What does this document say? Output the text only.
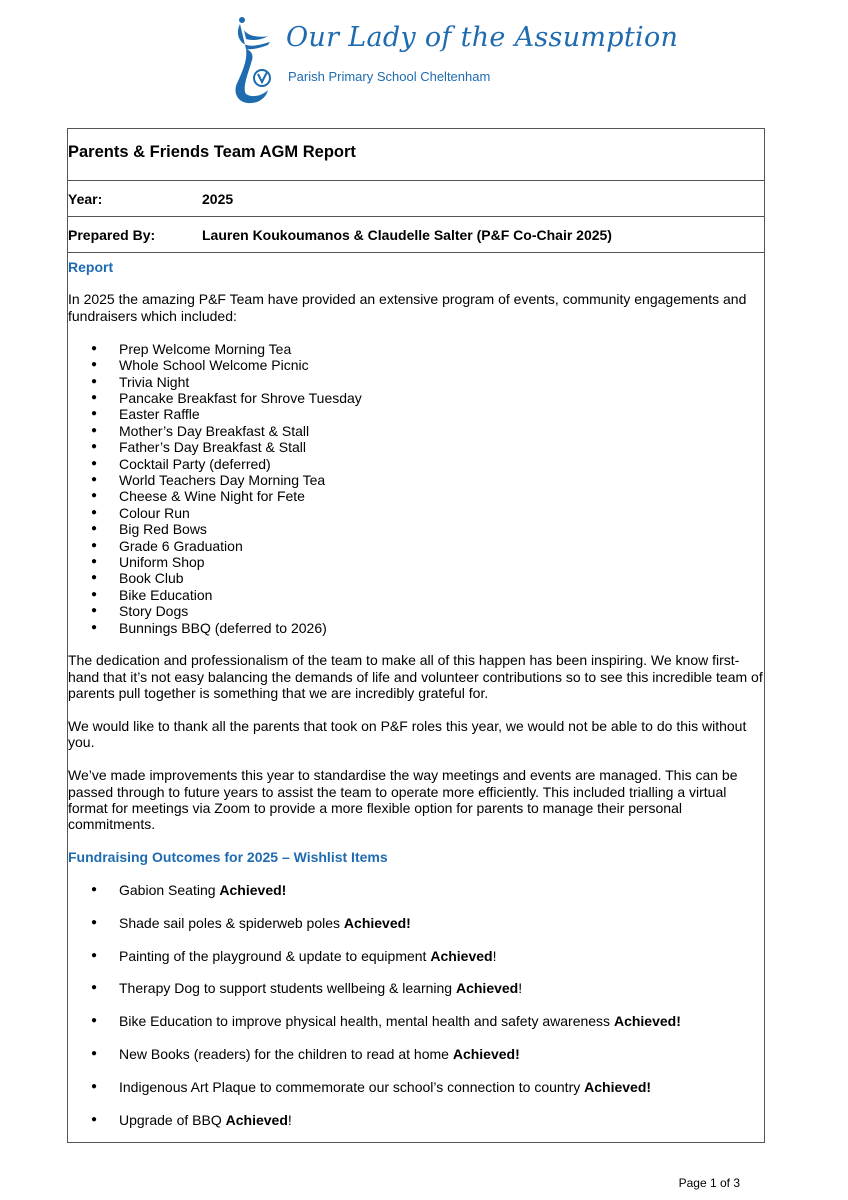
Our Lady of the Assumption
Parish Primary School Cheltenham
Parents & Friends Team AGM Report
Year:	2025
Prepared By:	Lauren Koukoumanos & Claudelle Salter (P&F Co-Chair 2025)
Report

In 2025 the amazing P&F Team have provided an extensive program of events, community engagements and fundraisers which included:

● Prep Welcome Morning Tea
● Whole School Welcome Picnic
● Trivia Night
● Pancake Breakfast for Shrove Tuesday
● Easter Raffle
● Mother’s Day Breakfast & Stall
● Father’s Day Breakfast & Stall
● Cocktail Party (deferred)
● World Teachers Day Morning Tea
● Cheese & Wine Night for Fete
● Colour Run
● Big Red Bows
● Grade 6 Graduation
● Uniform Shop
● Book Club
● Bike Education
● Story Dogs
● Bunnings BBQ (deferred to 2026)

The dedication and professionalism of the team to make all of this happen has been inspiring. We know first-hand that it’s not easy balancing the demands of life and volunteer contributions so to see this incredible team of parents pull together is something that we are incredibly grateful for.

We would like to thank all the parents that took on P&F roles this year, we would not be able to do this without you.

We’ve made improvements this year to standardise the way meetings and events are managed. This can be passed through to future years to assist the team to operate more efficiently. This included trialling a virtual format for meetings via Zoom to provide a more flexible option for parents to manage their personal commitments.

Fundraising Outcomes for 2025 – Wishlist Items
● Gabion Seating Achieved!
● Shade sail poles & spiderweb poles Achieved!
● Painting of the playground & update to equipment Achieved!
● Therapy Dog to support students wellbeing & learning Achieved!
● Bike Education to improve physical health, mental health and safety awareness Achieved!
● New Books (readers) for the children to read at home Achieved!
● Indigenous Art Plaque to commemorate our school’s connection to country Achieved!
● Upgrade of BBQ Achieved!
Page 1 of 3
